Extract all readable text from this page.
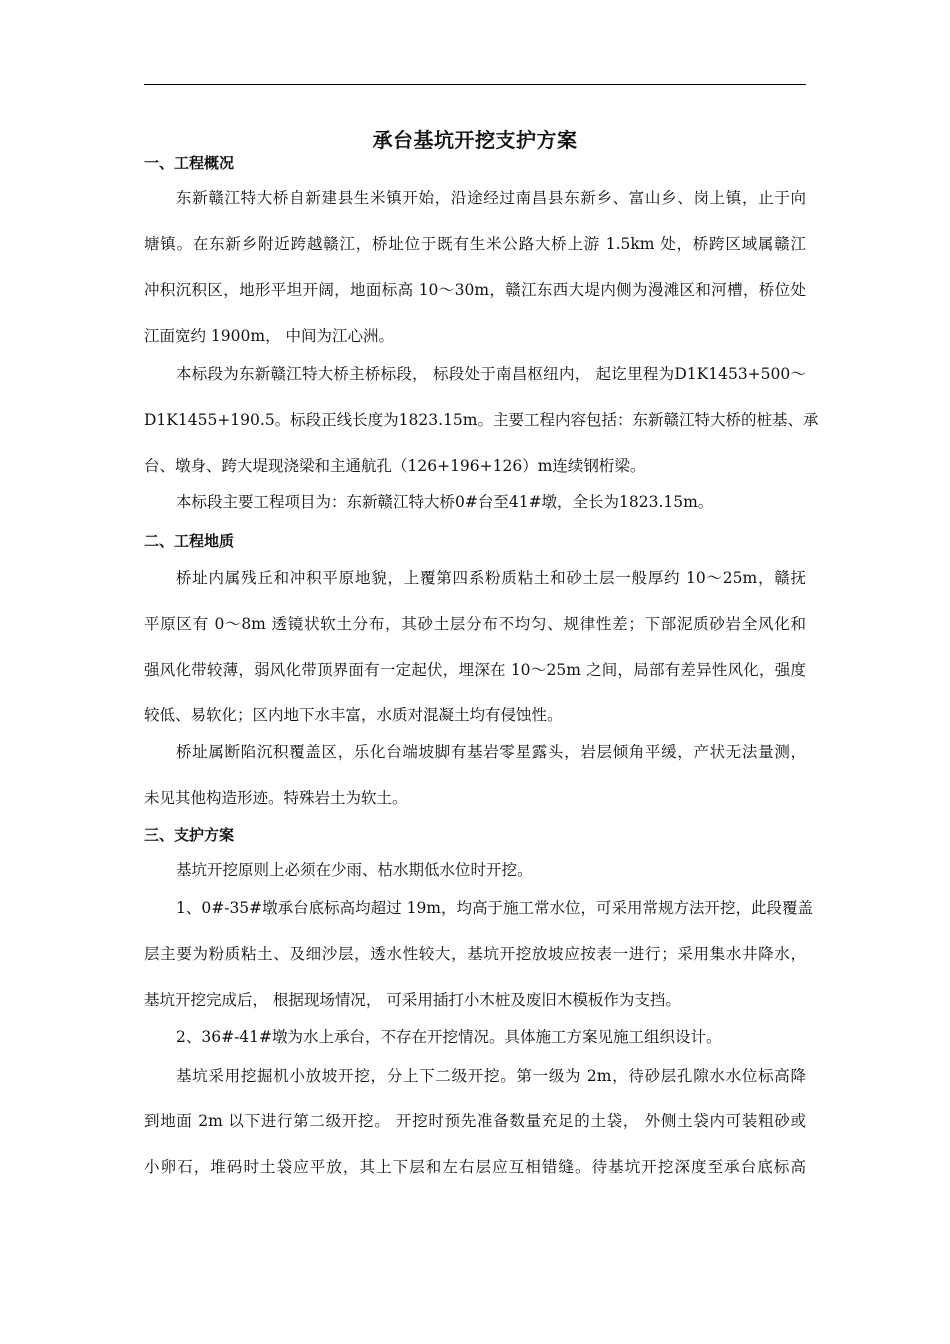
承台基坑开挖支护方案
一、工程概况
东新赣江特大桥自新建县生米镇开始，沿途经过南昌县东新乡、富山乡、岗上镇，止于向
塘镇。在东新乡附近跨越赣江，桥址位于既有生米公路大桥上游 1.5km 处，桥跨区域属赣江
冲积沉积区，地形平坦开阔，地面标高 10～30m，赣江东西大堤内侧为漫滩区和河槽，桥位处
江面宽约 1900m， 中间为江心洲。
本标段为东新赣江特大桥主桥标段， 标段处于南昌枢纽内， 起讫里程为D1K1453+500～
D1K1455+190.5。标段正线长度为1823.15m。主要工程内容包括：东新赣江特大桥的桩基、承
台、墩身、跨大堤现浇梁和主通航孔（126+196+126）m连续钢桁梁。
本标段主要工程项目为：东新赣江特大桥0#台至41#墩，全长为1823.15m。
二、工程地质
桥址内属残丘和冲积平原地貌，上覆第四系粉质粘土和砂土层一般厚约 10～25m，赣抚
平原区有 0～8m 透镜状软土分布，其砂土层分布不均匀、规律性差；下部泥质砂岩全风化和
强风化带较薄，弱风化带顶界面有一定起伏，埋深在 10～25m 之间，局部有差异性风化，强度
较低、易软化；区内地下水丰富，水质对混凝土均有侵蚀性。
桥址属断陷沉积覆盖区，乐化台端坡脚有基岩零星露头，岩层倾角平缓，产状无法量测，
未见其他构造形迹。特殊岩土为软土。
三、支护方案
基坑开挖原则上必须在少雨、枯水期低水位时开挖。
1、0#-35#墩承台底标高均超过 19m，均高于施工常水位，可采用常规方法开挖，此段覆盖
层主要为粉质粘土、及细沙层，透水性较大，基坑开挖放坡应按表一进行；采用集水井降水，
基坑开挖完成后， 根据现场情况， 可采用插打小木桩及废旧木模板作为支挡。
2、36#-41#墩为水上承台，不存在开挖情况。具体施工方案见施工组织设计。
基坑采用挖掘机小放坡开挖，分上下二级开挖。第一级为 2m，待砂层孔隙水水位标高降
到地面 2m 以下进行第二级开挖。 开挖时预先准备数量充足的土袋， 外侧土袋内可装粗砂或
小卵石，堆码时土袋应平放，其上下层和左右层应互相错缝。待基坑开挖深度至承台底标高
